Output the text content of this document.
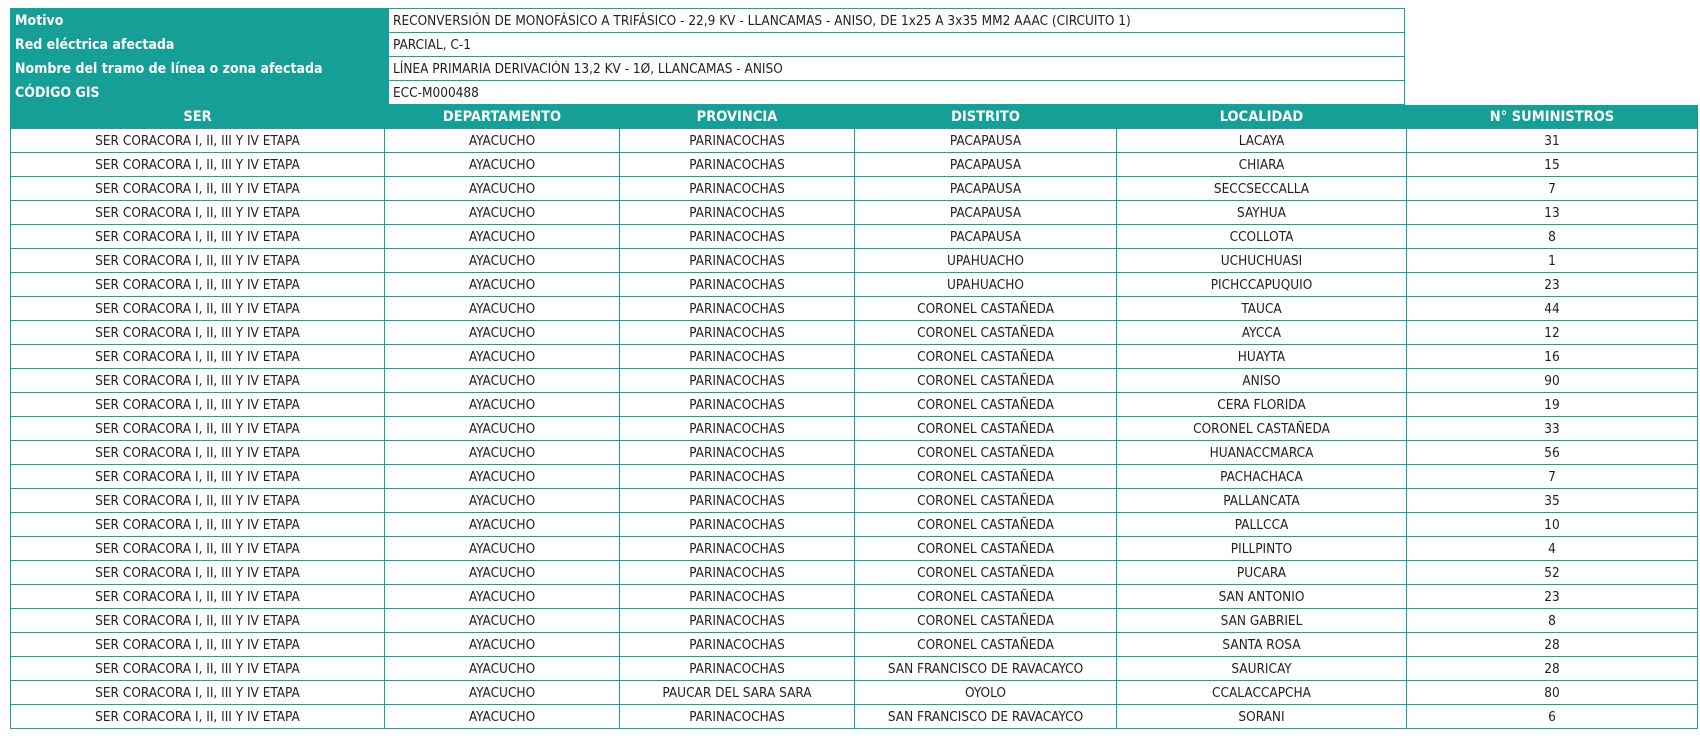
Motivo	RECONVERSIÓN DE MONOFÁSICO A TRIFÁSICO - 22,9 KV - LLANCAMAS - ANISO, DE 1x25 A 3x35 MM2 AAAC (CIRCUITO 1)
Red eléctrica afectada	PARCIAL, C-1
Nombre del tramo de línea o zona afectada	LÍNEA PRIMARIA DERIVACIÓN 13,2 KV - 1Ø, LLANCAMAS - ANISO
CÓDIGO GIS	ECC-M000488
SER	DEPARTAMENTO	PROVINCIA	DISTRITO	LOCALIDAD	N° SUMINISTROS
SER CORACORA I, II, III Y IV ETAPA	AYACUCHO	PARINACOCHAS	PACAPAUSA	LACAYA	31
SER CORACORA I, II, III Y IV ETAPA	AYACUCHO	PARINACOCHAS	PACAPAUSA	CHIARA	15
SER CORACORA I, II, III Y IV ETAPA	AYACUCHO	PARINACOCHAS	PACAPAUSA	SECCSECCALLA	7
SER CORACORA I, II, III Y IV ETAPA	AYACUCHO	PARINACOCHAS	PACAPAUSA	SAYHUA	13
SER CORACORA I, II, III Y IV ETAPA	AYACUCHO	PARINACOCHAS	PACAPAUSA	CCOLLOTA	8
SER CORACORA I, II, III Y IV ETAPA	AYACUCHO	PARINACOCHAS	UPAHUACHO	UCHUCHUASI	1
SER CORACORA I, II, III Y IV ETAPA	AYACUCHO	PARINACOCHAS	UPAHUACHO	PICHCCAPUQUIO	23
SER CORACORA I, II, III Y IV ETAPA	AYACUCHO	PARINACOCHAS	CORONEL CASTAÑEDA	TAUCA	44
SER CORACORA I, II, III Y IV ETAPA	AYACUCHO	PARINACOCHAS	CORONEL CASTAÑEDA	AYCCA	12
SER CORACORA I, II, III Y IV ETAPA	AYACUCHO	PARINACOCHAS	CORONEL CASTAÑEDA	HUAYTA	16
SER CORACORA I, II, III Y IV ETAPA	AYACUCHO	PARINACOCHAS	CORONEL CASTAÑEDA	ANISO	90
SER CORACORA I, II, III Y IV ETAPA	AYACUCHO	PARINACOCHAS	CORONEL CASTAÑEDA	CERA FLORIDA	19
SER CORACORA I, II, III Y IV ETAPA	AYACUCHO	PARINACOCHAS	CORONEL CASTAÑEDA	CORONEL CASTAÑEDA	33
SER CORACORA I, II, III Y IV ETAPA	AYACUCHO	PARINACOCHAS	CORONEL CASTAÑEDA	HUANACCMARCA	56
SER CORACORA I, II, III Y IV ETAPA	AYACUCHO	PARINACOCHAS	CORONEL CASTAÑEDA	PACHACHACA	7
SER CORACORA I, II, III Y IV ETAPA	AYACUCHO	PARINACOCHAS	CORONEL CASTAÑEDA	PALLANCATA	35
SER CORACORA I, II, III Y IV ETAPA	AYACUCHO	PARINACOCHAS	CORONEL CASTAÑEDA	PALLCCA	10
SER CORACORA I, II, III Y IV ETAPA	AYACUCHO	PARINACOCHAS	CORONEL CASTAÑEDA	PILLPINTO	4
SER CORACORA I, II, III Y IV ETAPA	AYACUCHO	PARINACOCHAS	CORONEL CASTAÑEDA	PUCARA	52
SER CORACORA I, II, III Y IV ETAPA	AYACUCHO	PARINACOCHAS	CORONEL CASTAÑEDA	SAN ANTONIO	23
SER CORACORA I, II, III Y IV ETAPA	AYACUCHO	PARINACOCHAS	CORONEL CASTAÑEDA	SAN GABRIEL	8
SER CORACORA I, II, III Y IV ETAPA	AYACUCHO	PARINACOCHAS	CORONEL CASTAÑEDA	SANTA ROSA	28
SER CORACORA I, II, III Y IV ETAPA	AYACUCHO	PARINACOCHAS	SAN FRANCISCO DE RAVACAYCO	SAURICAY	28
SER CORACORA I, II, III Y IV ETAPA	AYACUCHO	PAUCAR DEL SARA SARA	OYOLO	CCALACCAPCHA	80
SER CORACORA I, II, III Y IV ETAPA	AYACUCHO	PARINACOCHAS	SAN FRANCISCO DE RAVACAYCO	SORANI	6
